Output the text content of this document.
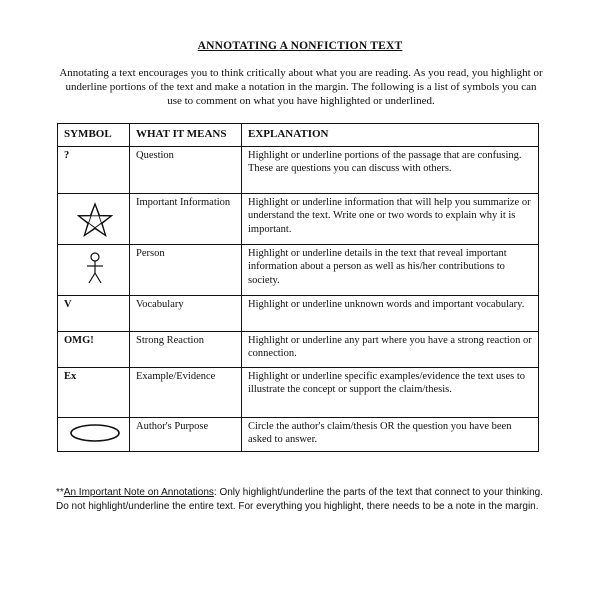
ANNOTATING A NONFICTION TEXT
Annotating a text encourages you to think critically about what you are reading. As you read, you highlight or underline portions of the text and make a notation in the margin. The following is a list of symbols you can use to comment on what you have highlighted or underlined.
SYMBOL	WHAT IT MEANS	EXPLANATION
?	Question	Highlight or underline portions of the passage that are confusing. These are questions you can discuss with others.

	Important Information	Highlight or underline information that will help you summarize or understand the text. Write one or two words to explain why it is important.

	Person	Highlight or underline details in the text that reveal important information about a person as well as his/her contributions to society.
V	Vocabulary	Highlight or underline unknown words and important vocabulary.
OMG!	Strong Reaction	Highlight or underline any part where you have a strong reaction or connection.
Ex	Example/Evidence	Highlight or underline specific examples/evidence the text uses to illustrate the concept or support the claim/thesis.

	Author's Purpose	Circle the author's claim/thesis OR the question you have been asked to answer.
**An Important Note on Annotations: Only highlight/underline the parts of the text that connect to your thinking. Do not highlight/underline the entire text. For everything you highlight, there needs to be a note in the margin.
